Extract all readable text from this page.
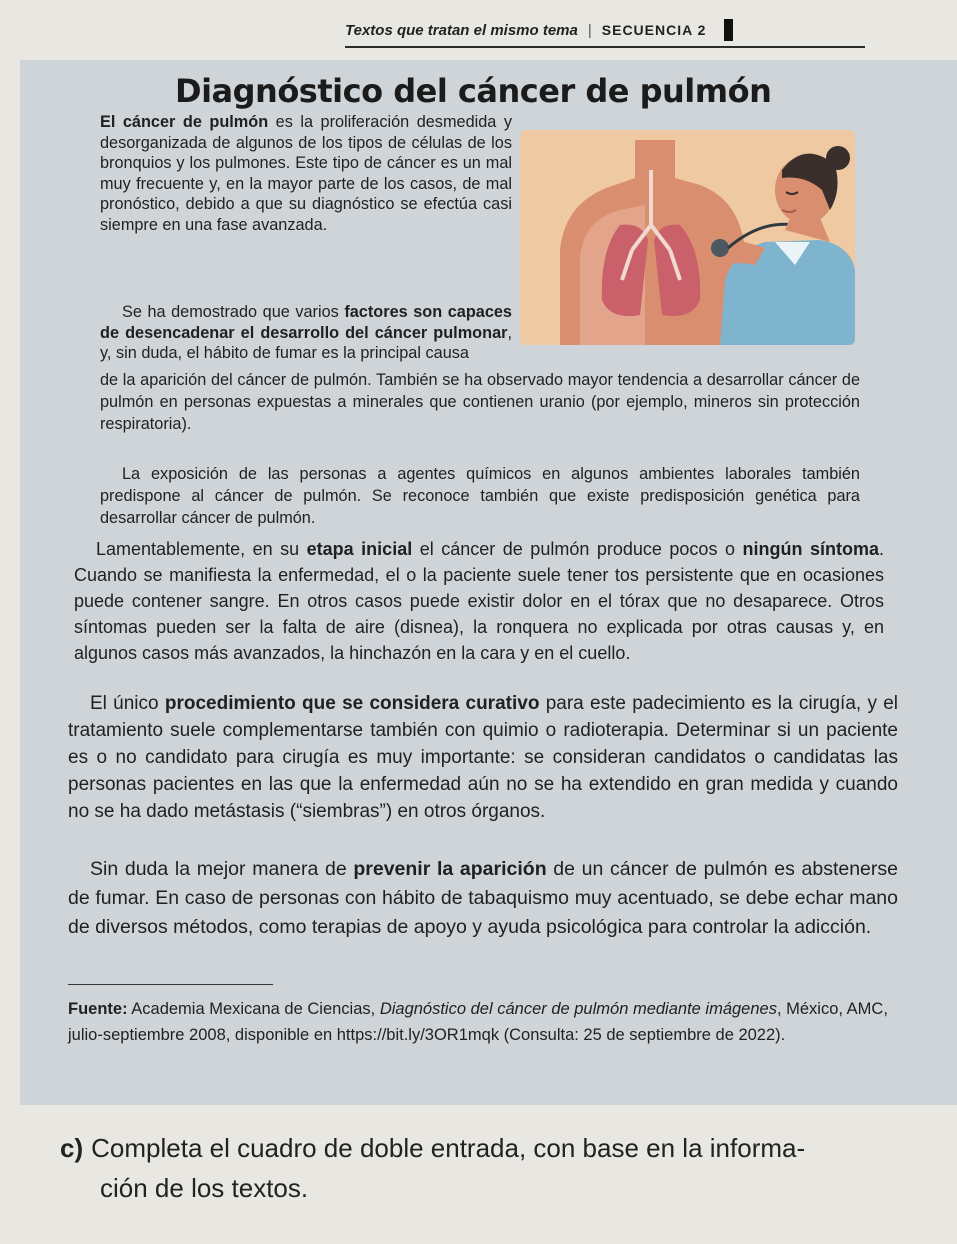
Textos que tratan el mismo tema | SECUENCIA 2
Diagnóstico del cáncer de pulmón

El cáncer de pulmón es la proliferación desmedida y desorganizada de algunos de los tipos de células de los bronquios y los pulmones. Este tipo de cáncer es un mal muy frecuente y, en la mayor parte de los casos, de mal pronóstico, debido a que su diagnóstico se efectúa casi siempre en una fase avanzada.

Se ha demostrado que varios factores son capaces de desencadenar el desarrollo del cáncer pulmonar, y, sin duda, el hábito de fumar es la principal causa

de la aparición del cáncer de pulmón. También se ha observado mayor tendencia a desarrollar cáncer de pulmón en personas expuestas a minerales que contienen uranio (por ejemplo, mineros sin protección respiratoria).

La exposición de las personas a agentes químicos en algunos ambientes laborales también predispone al cáncer de pulmón. Se reconoce también que existe predisposición genética para desarrollar cáncer de pulmón.

Lamentablemente, en su etapa inicial el cáncer de pulmón produce pocos o ningún síntoma. Cuando se manifiesta la enfermedad, el o la paciente suele tener tos persistente que en ocasiones puede contener sangre. En otros casos puede existir dolor en el tórax que no desaparece. Otros síntomas pueden ser la falta de aire (disnea), la ronquera no explicada por otras causas y, en algunos casos más avanzados, la hinchazón en la cara y en el cuello.

El único procedimiento que se considera curativo para este padecimiento es la cirugía, y el tratamiento suele complementarse también con quimio o radioterapia. Determinar si un paciente es o no candidato para cirugía es muy importante: se consideran candidatos o candidatas las personas pacientes en las que la enfermedad aún no se ha extendido en gran medida y cuando no se ha dado metástasis (“siembras”) en otros órganos.

Sin duda la mejor manera de prevenir la aparición de un cáncer de pulmón es abstenerse de fumar. En caso de personas con hábito de tabaquismo muy acentuado, se debe echar mano de diversos métodos, como terapias de apoyo y ayuda psicológica para controlar la adicción.

Fuente: Academia Mexicana de Ciencias, Diagnóstico del cáncer de pulmón mediante imágenes, México, AMC, julio-septiembre 2008, disponible en https://bit.ly/3OR1mqk (Consulta: 25 de septiembre de 2022).

c) Completa el cuadro de doble entrada, con base en la informa-
ción de los textos.
